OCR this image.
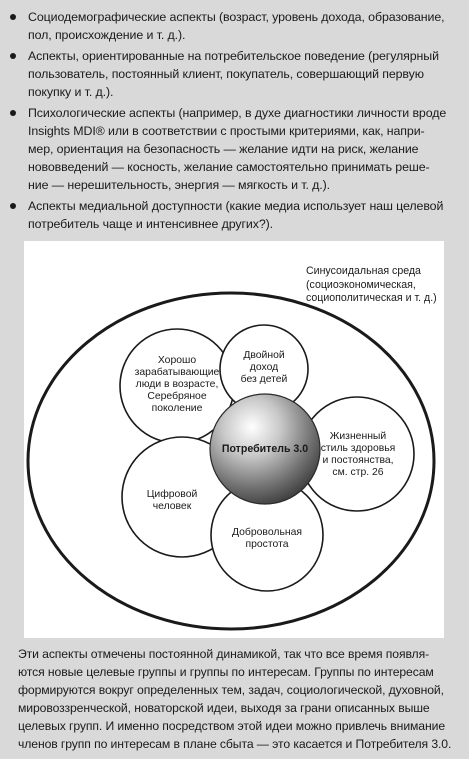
Социодемографические аспекты (возраст, уровень дохода, образование,
пол, происхождение и т. д.).
Аспекты, ориентированные на потребительское поведение (регулярный
пользователь, постоянный клиент, покупатель, совершающий первую
покупку и т. д.).
Психологические аспекты (например, в духе диагностики личности вроде
Insights MDI® или в соответствии с простыми критериями, как, напри-
мер, ориентация на безопасность — желание идти на риск, желание
нововведений — косность, желание самостоятельно принимать реше-
ние — нерешительность, энергия — мягкость и т. д.).
Аспекты медиальной доступности (какие медиа использует наш целевой
потребитель чаще и интенсивнее других?).
Синусоидальная среда
(социоэкономическая,
социополитическая и т. д.)
Хорошо
зарабатывающие
люди в возрасте,
Серебряное
поколение
Двойной
доход
без детей
Жизненный
стиль здоровья
и постоянства,
см. стр. 26
Добровольная
простота
Цифровой
человек
Потребитель 3.0
Эти аспекты отмечены постоянной динамикой, так что все время появля-
ются новые целевые группы и группы по интересам. Группы по интересам
формируются вокруг определенных тем, задач, социологической, духовной,
мировоззренческой, новаторской идеи, выходя за грани описанных выше
целевых групп. И именно посредством этой идеи можно привлечь внимание
членов групп по интересам в плане сбыта — это касается и Потребителя 3.0.
